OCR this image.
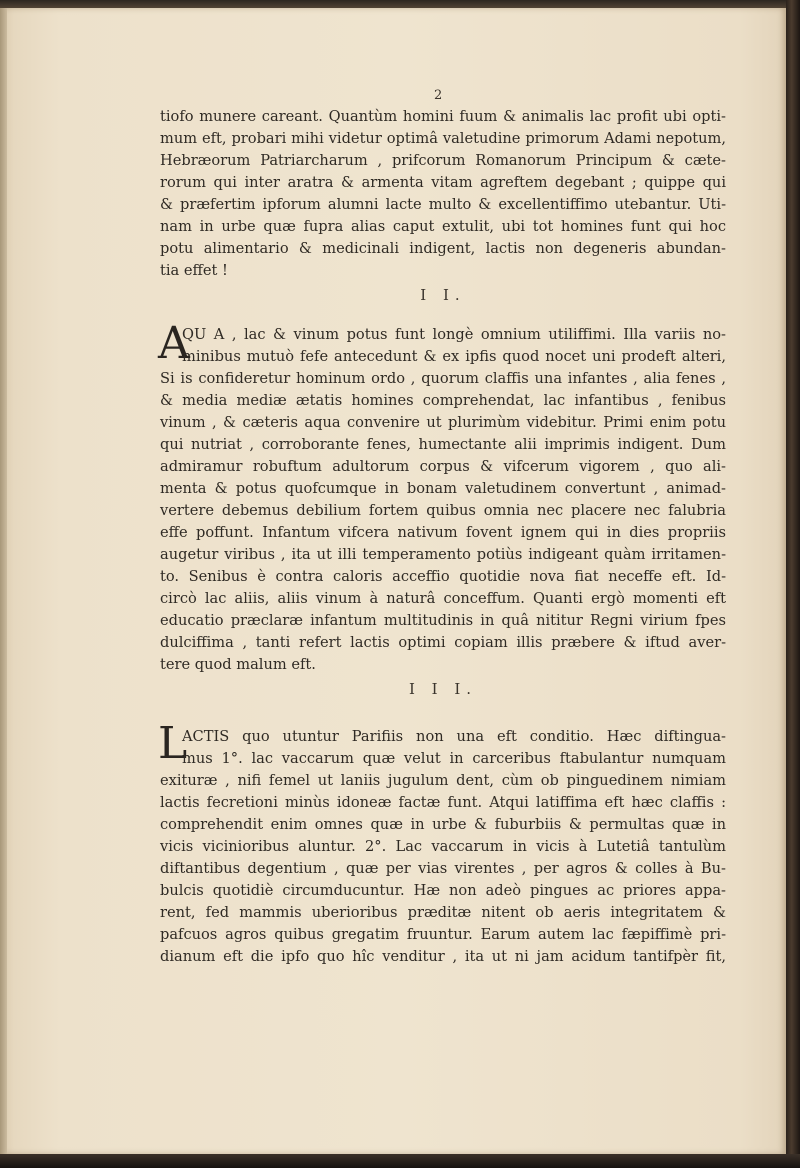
2
tiofo munere careant. Quantùm homini fuum & animalis lac profit ubi opti-
mum eft, probari mihi videtur optimâ valetudine primorum Adami nepotum,
Hebræorum Patriarcharum , prifcorum Romanorum Principum & cæte-
rorum qui inter aratra & armenta vitam agreftem degebant ; quippe qui
& præfertim ipforum alumni lacte multo & excellentiffimo utebantur. Uti-
nam in urbe quæ fupra alias caput extulit, ubi tot homines funt qui hoc
potu alimentario & medicinali indigent, lactis non degeneris abundan-
tia effet !
I I.
A
QU A , lac & vinum potus funt longè omnium utiliffimi. Illa variis no-
minibus mutuò fefe antecedunt & ex ipfis quod nocet uni prodeft alteri,
Si is confideretur hominum ordo , quorum claffis una infantes , alia fenes ,
& media mediæ ætatis homines comprehendat, lac infantibus , fenibus
vinum , & cæteris aqua convenire ut plurimùm videbitur. Primi enim potu
qui nutriat , corroborante fenes, humectante alii imprimis indigent. Dum
admiramur robuftum adultorum corpus & vifcerum vigorem , quo ali-
menta & potus quofcumque in bonam valetudinem convertunt , animad-
vertere debemus debilium fortem quibus omnia nec placere nec falubria
effe poffunt. Infantum vifcera nativum fovent ignem qui in dies propriis
augetur viribus , ita ut illi temperamento potiùs indigeant quàm irritamen-
to. Senibus è contra caloris acceffio quotidie nova fiat neceffe eft. Id-
circò lac aliis, aliis vinum à naturâ conceffum. Quanti ergò momenti eft
educatio præclaræ infantum multitudinis in quâ nititur Regni virium fpes
dulciffima , tanti refert lactis optimi copiam illis præbere & iftud aver-
tere quod malum eft.
I I I.
L
ACTIS quo utuntur Parifiis non una eft conditio. Hæc diftingua-
mus 1°. lac vaccarum quæ velut in carceribus ftabulantur numquam
exituræ , nifi femel ut laniis jugulum dent, cùm ob pinguedinem nimiam
lactis fecretioni minùs idoneæ factæ funt. Atqui latiffima eft hæc claffis :
comprehendit enim omnes quæ in urbe & fuburbiis & permultas quæ in
vicis vicinioribus aluntur. 2°. Lac vaccarum in vicis à Lutetiâ tantulùm
diftantibus degentium , quæ per vias virentes , per agros & colles à Bu-
bulcis quotidiè circumducuntur. Hæ non adeò pingues ac priores appa-
rent, fed mammis uberioribus præditæ nitent ob aeris integritatem &
pafcuos agros quibus gregatim fruuntur. Earum autem lac fæpiffimè pri-
dianum eft die ipfo quo hîc venditur , ita ut ni jam acidum tantifpèr fit,
